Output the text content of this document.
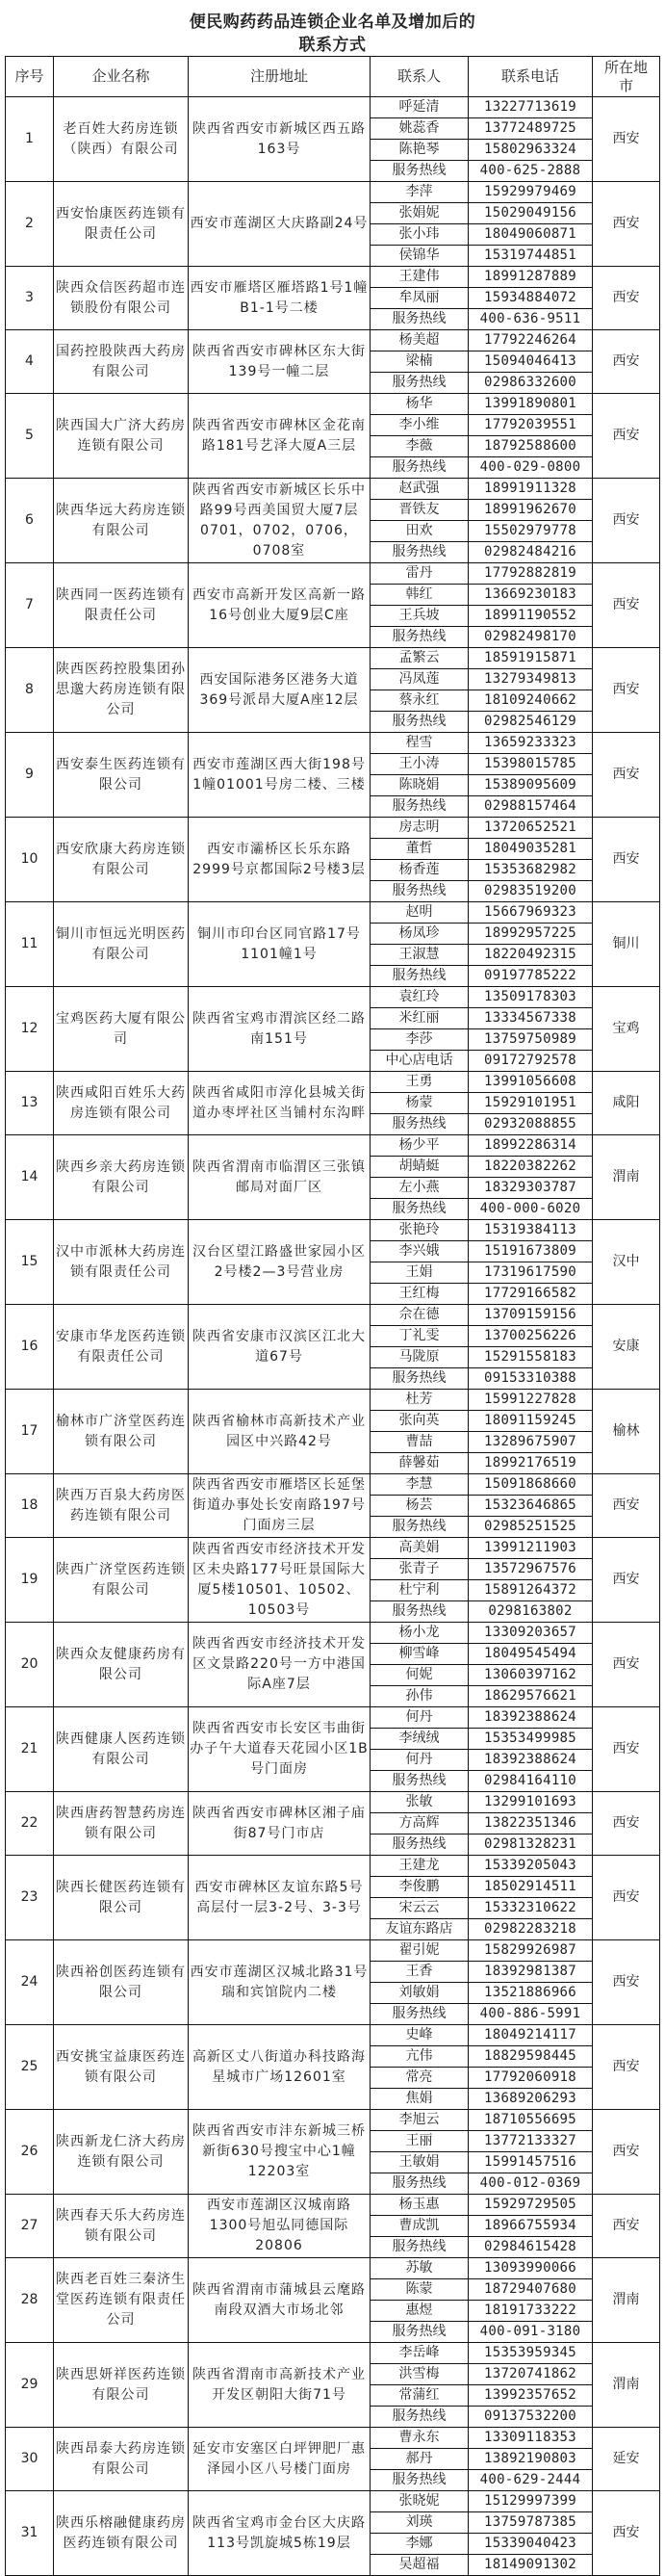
便民购药药品连锁企业名单及增加后的
联系方式
序号	企业名称	注册地址	联系人	联系电话	所在地市
1	老百姓大药房连锁（陕西）有限公司	陕西省西安市新城区西五路163号	呼延清	13227713619	西安
			姚蕊香	13772489725	
			陈艳琴	15802963324	
			服务热线	400-625-2888	
2	西安怡康医药连锁有限责任公司	西安市莲湖区大庆路副24号	李萍	15929979469	西安
			张娟妮	15029049156	
			张小玮	18049060871	
			侯锦华	15319744851	
3	陕西众信医药超市连锁股份有限公司	西安市雁塔区雁塔路1号1幢B1-1号二楼	王建伟	18991287889	西安
			牟凤丽	15934884072	
			服务热线	400-636-9511	
4	国药控股陕西大药房有限公司	陕西省西安市碑林区东大街139号一幢二层	杨美超	17792246264	西安
			梁楠	15094046413	
			服务热线	02986332600	
5	陕西国大广济大药房连锁有限公司	陕西省西安市碑林区金花南路181号艺泽大厦A三层	杨华	13991890801	西安
			李小维	17792039551	
			李薇	18792588600	
			服务热线	400-029-0800	
6	陕西华远大药房连锁有限公司	陕西省西安市新城区长乐中路99号西美国贸大厦7层0701，0702，0706，0708室	赵武强	18991911328	西安
			晋铁友	18991962670	
			田欢	15502979778	
			服务热线	02982484216	
7	陕西同一医药连锁有限责任公司	西安市高新开发区高新一路16号创业大厦9层C座	雷丹	17792882819	西安
			韩红	13669230183	
			王兵坡	18991190552	
			服务热线	02982498170	
8	陕西医药控股集团孙思邈大药房连锁有限公司	西安国际港务区港务大道369号派昂大厦A座12层	孟繁云	18591915871	西安
			冯凤莲	13279349813	
			蔡永红	18109240662	
			服务热线	02982546129	
9	西安泰生医药连锁有限公司	西安市莲湖区西大街198号1幢01001号房二楼、三楼	程雪	13659233323	西安
			王小涛	15398015785	
			陈晓娟	15389095609	
			服务热线	02988157464	
10	西安欣康大药房连锁有限公司	西安市灞桥区长乐东路2999号京都国际2号楼3层	房志明	13720652521	西安
			董哲	18049035281	
			杨香莲	15353682982	
			服务热线	02983519200	
11	铜川市恒远光明医药有限公司	铜川市印台区同官路17号1101幢1号	赵明	15667969323	铜川
			杨凤珍	18992957225	
			王淑慧	18220492315	
			服务热线	09197785222	
12	宝鸡医药大厦有限公司	陕西省宝鸡市渭滨区经二路南151号	袁红玲	13509178303	宝鸡
			米红丽	13334567338	
			李莎	13759750989	
			中心店电话	09172792578	
13	陕西咸阳百姓乐大药房连锁有限公司	陕西省咸阳市淳化县城关街道办枣坪社区当铺村东沟畔	王勇	13991056608	咸阳
			杨蒙	15929101951	
			服务热线	02932088855	
14	陕西乡亲大药房连锁有限公司	陕西省渭南市临渭区三张镇邮局对面厂区	杨少平	18992286314	渭南
			胡蜻蜓	18220382262	
			左小燕	18329303787	
			服务热线	400-000-6020	
15	汉中市派林大药房连锁有限责任公司	汉台区望江路盛世家园小区2号楼2—3号营业房	张艳玲	15319384113	汉中
			李兴娥	15191673809	
			王娟	17319617590	
			王红梅	17729166582	
16	安康市华龙医药连锁有限责任公司	陕西省安康市汉滨区江北大道67号	佘在德	13709159156	安康
			丁礼雯	13700256226	
			马陇原	15291558183	
			服务热线	09153310388	
17	榆林市广济堂医药连锁有限公司	陕西省榆林市高新技术产业园区中兴路42号	杜芳	15991227828	榆林
			张向英	18091159245	
			曹喆	13289675907	
			薛馨茹	18992176519	
18	陕西万百泉大药房医药连锁有限公司	陕西省西安市雁塔区长延堡街道办事处长安南路197号门面房三层	李慧	15091868660	西安
			杨芸	15323646865	
			服务热线	02985251525	
19	陕西广济堂医药连锁有限公司	陕西省西安市经济技术开发区未央路177号旺景国际大厦5楼10501、10502、10503号	高美娟	13991211903	西安
			张青子	13572967576	
			杜宁利	15891264372	
			服务热线	0298163802	
20	陕西众友健康药房有限公司	陕西省西安市经济技术开发区文景路220号一方中港国际A座7层	杨小龙	13309203657	西安
			柳雪峰	18049545494	
			何妮	13060397162	
			孙伟	18629576621	
21	陕西健康人医药连锁有限公司	陕西省西安市长安区韦曲街办子午大道春天花园小区1B号门面房	何丹	18392388624	西安
			李绒绒	15353499985	
			何丹	18392388624	
			服务热线	02984164110	
22	陕西唐药智慧药房连锁有限公司	陕西省西安市碑林区湘子庙街87号门市店	张敏	13299101693	西安
			方高辉	13822351346	
			服务热线	02981328231	
23	陕西长健医药连锁有限公司	西安市碑林区友谊东路5号高层付一层3-2号、3-3号	王建龙	15339205043	西安
			李俊鹏	18502914511	
			宋云云	15332310622	
			友谊东路店	02982283218	
24	陕西裕创医药连锁有限公司	西安市莲湖区汉城北路31号瑞和宾馆院内二楼	翟引妮	15829926987	西安
			王香	18392981387	
			刘敏娟	13521886966	
			服务热线	400-886-5991	
25	西安挑宝益康医药连锁有限公司	高新区丈八街道办科技路海星城市广场12601室	史峰	18049214117	西安
			亢伟	18829598445	
			常亮	17792060918	
			焦娟	13689206293	
26	陕西新龙仁济大药房连锁有限公司	陕西省西安市沣东新城三桥新街630号搜宝中心1幢12203室	李旭云	18710556695	西安
			王丽	13772133327	
			王敏娟	15991457516	
			服务热线	400-012-0369	
27	陕西春天乐大药房连锁有限公司	西安市莲湖区汉城南路1300号旭弘同德国际20806	杨玉惠	15929729505	西安
			曹成凯	18966755934	
			服务热线	02984615428	
28	陕西老百姓三秦济生堂医药连锁有限责任公司	陕西省渭南市蒲城县云麾路南段双酒大市场北邻	苏敏	13093990066	渭南
			陈蒙	18729407680	
			惠煜	18191733222	
			服务热线	400-091-3180	
29	陕西思妍祥医药连锁有限公司	陕西省渭南市高新技术产业开发区朝阳大街71号	李岳峰	15353959345	渭南
			洪雪梅	13720741862	
			常蒲红	13992357652	
			服务热线	09137532200	
30	陕西昂泰大药房连锁有限公司	延安市安塞区白坪钾肥厂惠泽园小区八号楼门面房	曹永东	13309118353	延安
			郝丹	13892190803	
			服务热线	400-629-2444	
31	陕西乐榕融健康药房医药连锁有限公司	陕西省宝鸡市金台区大庆路113号凯旋城5栋19层	张晓妮	15129997399	西安
			刘瑛	13759787385	
			李娜	15339040423	
			吴超福	18149091302	
